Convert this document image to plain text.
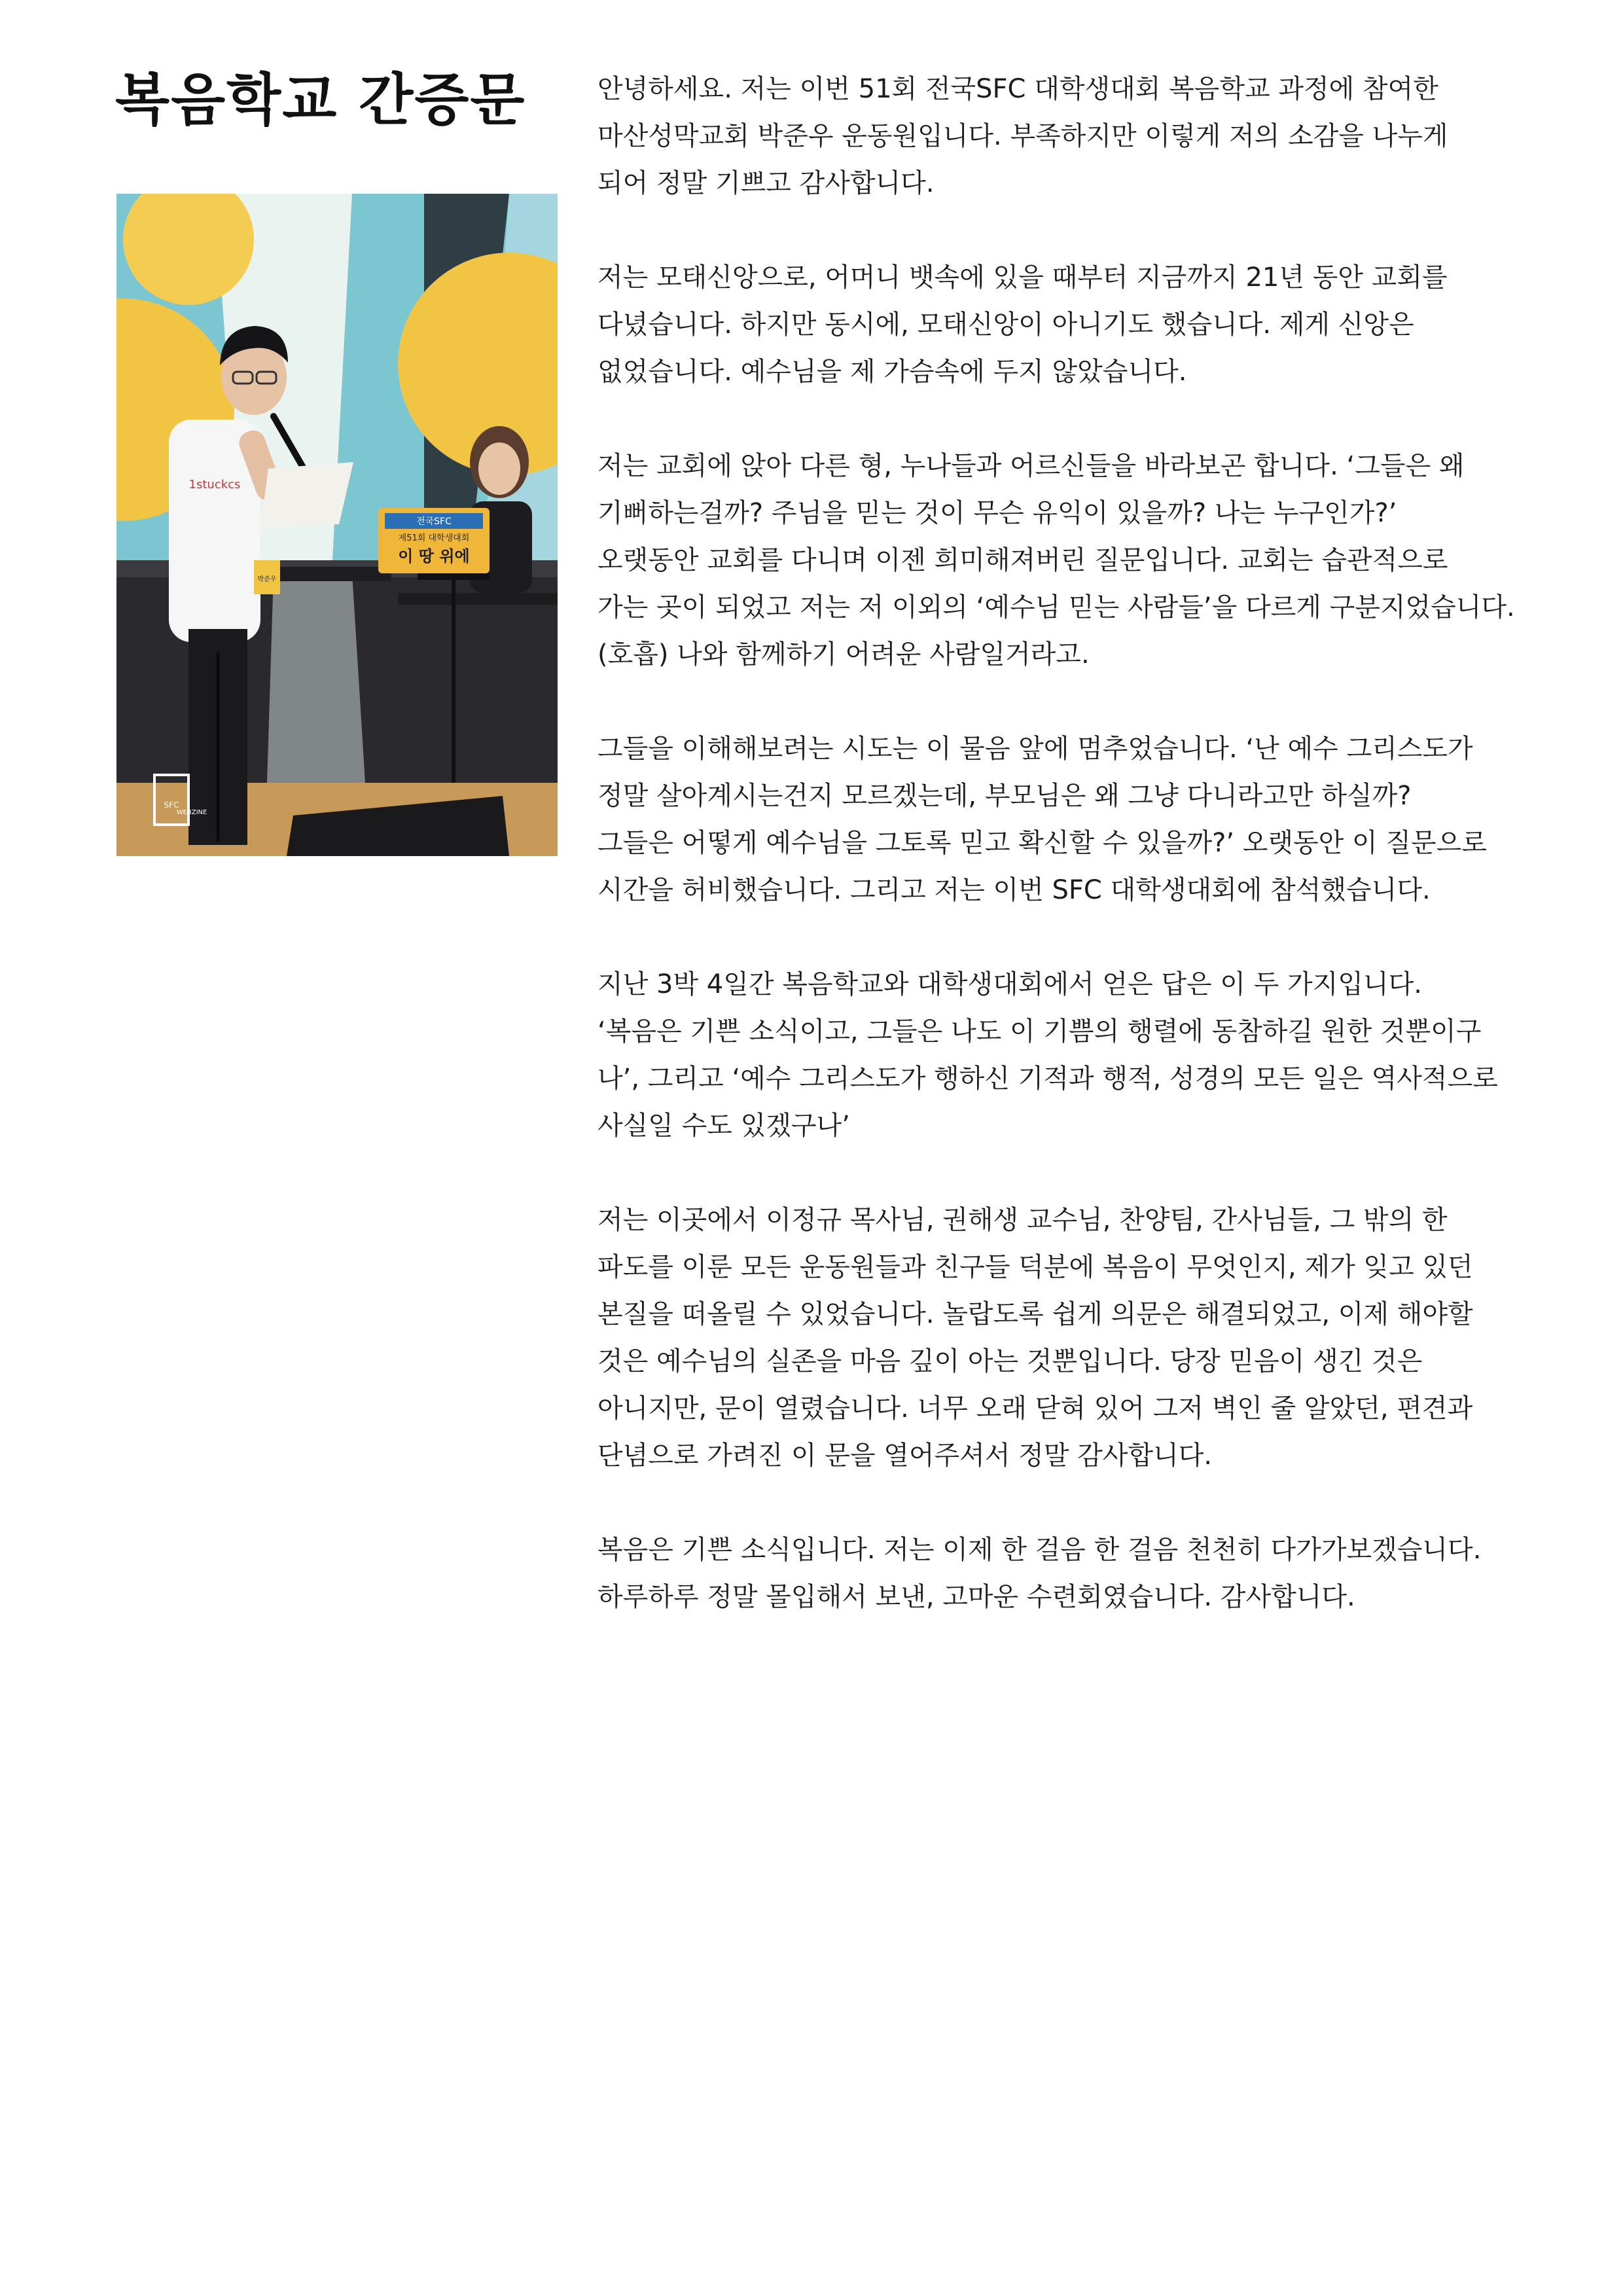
복음학교 간증문
전국SFC
제51회 대학생대회
이 땅 위에
1stuckcs
박준우
SFC
WEBZINE

안녕하세요. 저는 이번 51회 전국SFC 대학생대회 복음학교 과정에 참여한
마산성막교회 박준우 운동원입니다. 부족하지만 이렇게 저의 소감을 나누게
되어 정말 기쁘고 감사합니다.

저는 모태신앙으로, 어머니 뱃속에 있을 때부터 지금까지 21년 동안 교회를
다녔습니다. 하지만 동시에, 모태신앙이 아니기도 했습니다. 제게 신앙은
없었습니다. 예수님을 제 가슴속에 두지 않았습니다.

저는 교회에 앉아 다른 형, 누나들과 어르신들을 바라보곤 합니다. ‘그들은 왜
기뻐하는걸까? 주님을 믿는 것이 무슨 유익이 있을까? 나는 누구인가?’
오랫동안 교회를 다니며 이젠 희미해져버린 질문입니다. 교회는 습관적으로
가는 곳이 되었고 저는 저 이외의 ‘예수님 믿는 사람들’을 다르게 구분지었습니다.
(호흡) 나와 함께하기 어려운 사람일거라고.

그들을 이해해보려는 시도는 이 물음 앞에 멈추었습니다. ‘난 예수 그리스도가
정말 살아계시는건지 모르겠는데, 부모님은 왜 그냥 다니라고만 하실까?
그들은 어떻게 예수님을 그토록 믿고 확신할 수 있을까?’ 오랫동안 이 질문으로
시간을 허비했습니다. 그리고 저는 이번 SFC 대학생대회에 참석했습니다.

지난 3박 4일간 복음학교와 대학생대회에서 얻은 답은 이 두 가지입니다.
‘복음은 기쁜 소식이고, 그들은 나도 이 기쁨의 행렬에 동참하길 원한 것뿐이구
나’, 그리고 ‘예수 그리스도가 행하신 기적과 행적, 성경의 모든 일은 역사적으로
사실일 수도 있겠구나’

저는 이곳에서 이정규 목사님, 권해생 교수님, 찬양팀, 간사님들, 그 밖의 한
파도를 이룬 모든 운동원들과 친구들 덕분에 복음이 무엇인지, 제가 잊고 있던
본질을 떠올릴 수 있었습니다. 놀랍도록 쉽게 의문은 해결되었고, 이제 해야할
것은 예수님의 실존을 마음 깊이 아는 것뿐입니다. 당장 믿음이 생긴 것은
아니지만, 문이 열렸습니다. 너무 오래 닫혀 있어 그저 벽인 줄 알았던, 편견과
단념으로 가려진 이 문을 열어주셔서 정말 감사합니다.

복음은 기쁜 소식입니다. 저는 이제 한 걸음 한 걸음 천천히 다가가보겠습니다.
하루하루 정말 몰입해서 보낸, 고마운 수련회였습니다. 감사합니다.
